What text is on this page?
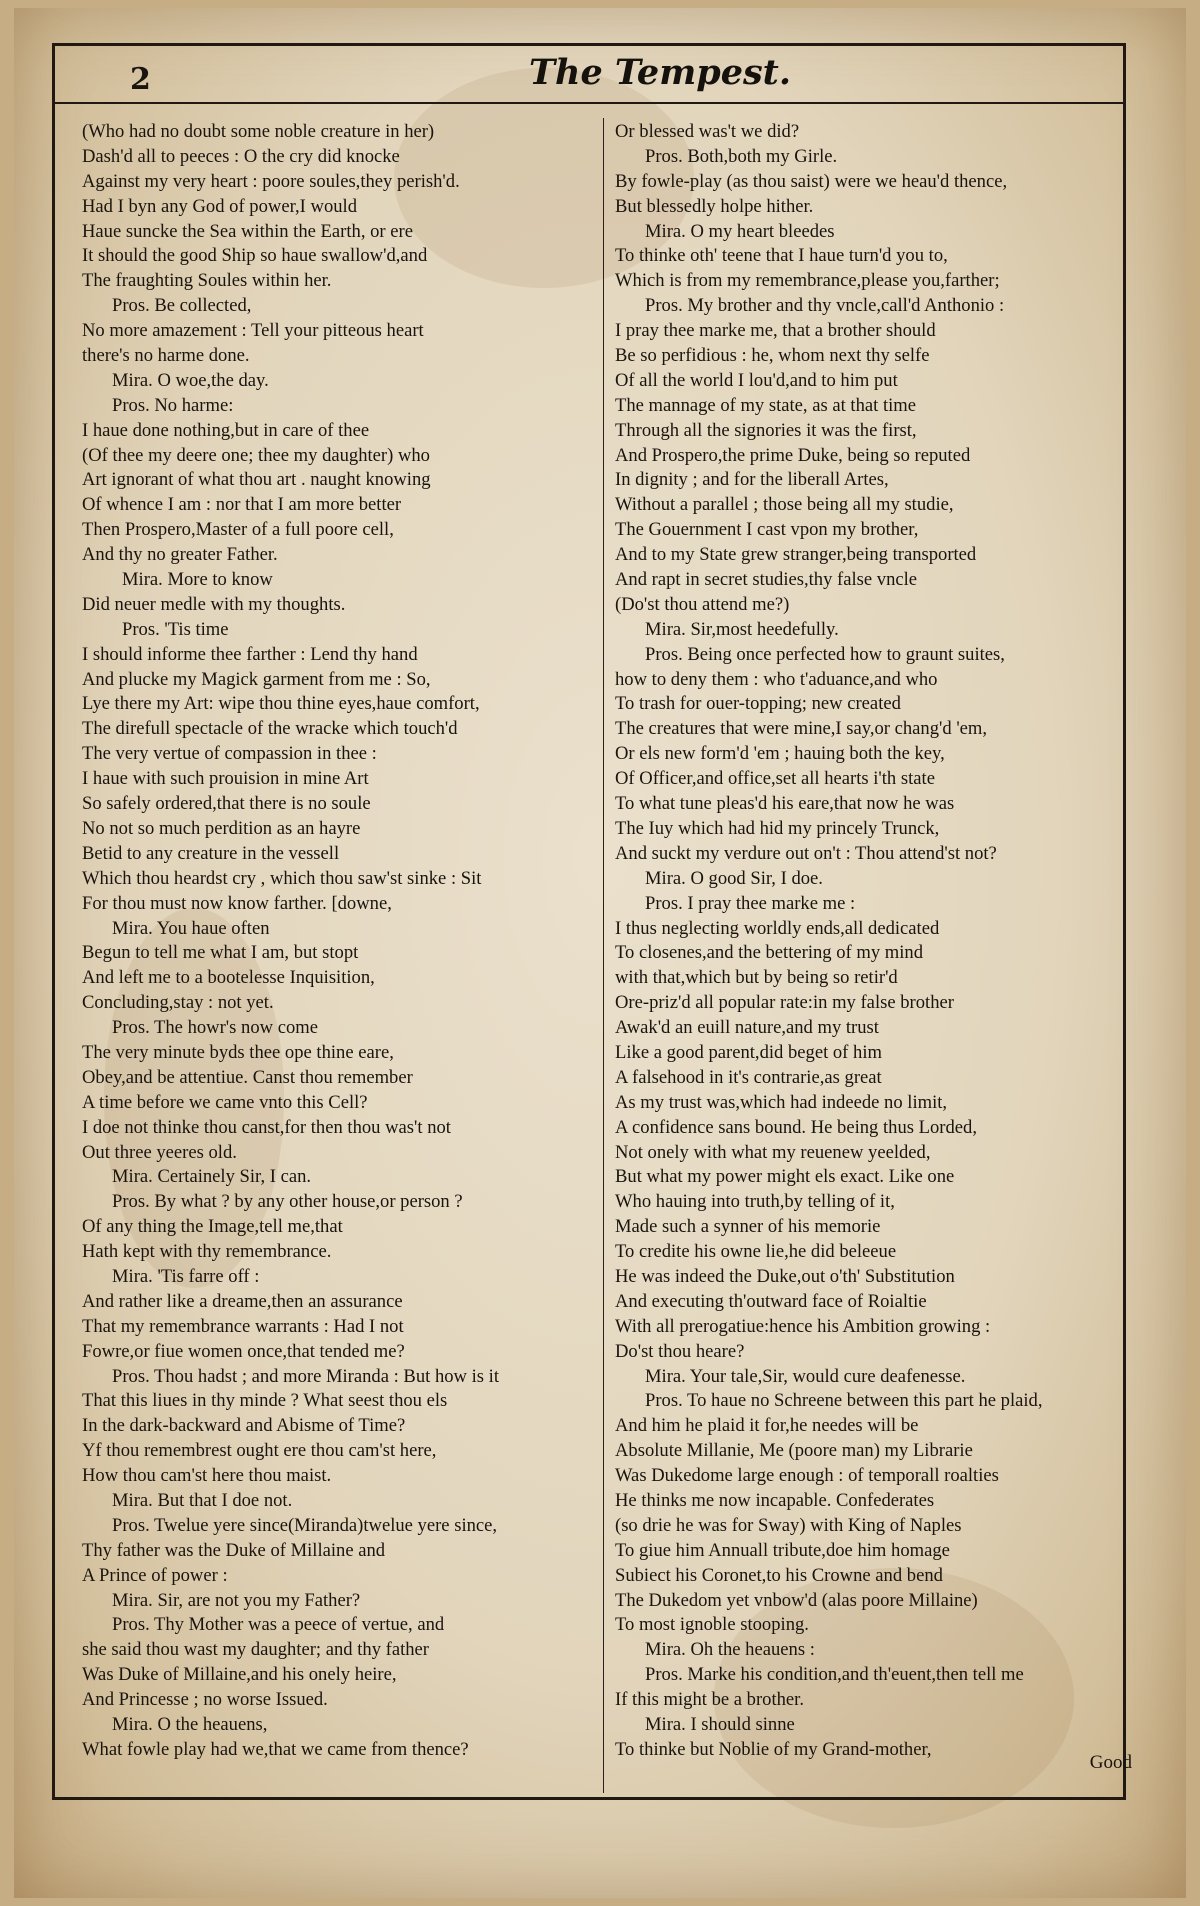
2	The Tempest.
(Who had no doubt some noble creature in her)
Dash'd all to peeces : O the cry did knocke
Against my very heart : poore soules,they perish'd.
Had I byn any God of power,I would
Haue suncke the Sea within the Earth, or ere
It should the good Ship so haue swallow'd,and
The fraughting Soules within her.
Pros. Be collected,
No more amazement : Tell your pitteous heart
there's no harme done.
Mira. O woe,the day.
Pros. No harme:
I haue done nothing,but in care of thee
(Of thee my deere one; thee my daughter) who
Art ignorant of what thou art . naught knowing
Of whence I am : nor that I am more better
Then Prospero,Master of a full poore cell,
And thy no greater Father.
Mira. More to know
Did neuer medle with my thoughts.
Pros. 'Tis time
I should informe thee farther : Lend thy hand
And plucke my Magick garment from me : So,
Lye there my Art: wipe thou thine eyes,haue comfort,
The direfull spectacle of the wracke which touch'd
The very vertue of compassion in thee :
I haue with such prouision in mine Art
So safely ordered,that there is no soule
No not so much perdition as an hayre
Betid to any creature in the vessell
Which thou heardst cry , which thou saw'st sinke : Sit
For thou must now know farther. [downe,
Mira. You haue often
Begun to tell me what I am, but stopt
And left me to a bootelesse Inquisition,
Concluding,stay : not yet.
Pros. The howr's now come
The very minute byds thee ope thine eare,
Obey,and be attentiue. Canst thou remember
A time before we came vnto this Cell?
I doe not thinke thou canst,for then thou was't not
Out three yeeres old.
Mira. Certainely Sir, I can.
Pros. By what ? by any other house,or person ?
Of any thing the Image,tell me,that
Hath kept with thy remembrance.
Mira. 'Tis farre off :
And rather like a dreame,then an assurance
That my remembrance warrants : Had I not
Fowre,or fiue women once,that tended me?
Pros. Thou hadst ; and more Miranda : But how is it
That this liues in thy minde ? What seest thou els
In the dark-backward and Abisme of Time?
Yf thou remembrest ought ere thou cam'st here,
How thou cam'st here thou maist.
Mira. But that I doe not.
Pros. Twelue yere since(Miranda)twelue yere since,
Thy father was the Duke of Millaine and
A Prince of power :
Mira. Sir, are not you my Father?
Pros. Thy Mother was a peece of vertue, and
she said thou wast my daughter; and thy father
Was Duke of Millaine,and his onely heire,
And Princesse ; no worse Issued.
Mira. O the heauens,
What fowle play had we,that we came from thence?
Or blessed was't we did?
Pros. Both,both my Girle.
By fowle-play (as thou saist) were we heau'd thence,
But blessedly holpe hither.
Mira. O my heart bleedes
To thinke oth' teene that I haue turn'd you to,
Which is from my remembrance,please you,farther;
Pros. My brother and thy vncle,call'd Anthonio :
I pray thee marke me, that a brother should
Be so perfidious : he, whom next thy selfe
Of all the world I lou'd,and to him put
The mannage of my state, as at that time
Through all the signories it was the first,
And Prospero,the prime Duke, being so reputed
In dignity ; and for the liberall Artes,
Without a parallel ; those being all my studie,
The Gouernment I cast vpon my brother,
And to my State grew stranger,being transported
And rapt in secret studies,thy false vncle
(Do'st thou attend me?)
Mira. Sir,most heedefully.
Pros. Being once perfected how to graunt suites,
how to deny them : who t'aduance,and who
To trash for ouer-topping; new created
The creatures that were mine,I say,or chang'd 'em,
Or els new form'd 'em ; hauing both the key,
Of Officer,and office,set all hearts i'th state
To what tune pleas'd his eare,that now he was
The Iuy which had hid my princely Trunck,
And suckt my verdure out on't : Thou attend'st not?
Mira. O good Sir, I doe.
Pros. I pray thee marke me :
I thus neglecting worldly ends,all dedicated
To closenes,and the bettering of my mind
with that,which but by being so retir'd
Ore-priz'd all popular rate:in my false brother
Awak'd an euill nature,and my trust
Like a good parent,did beget of him
A falsehood in it's contrarie,as great
As my trust was,which had indeede no limit,
A confidence sans bound. He being thus Lorded,
Not onely with what my reuenew yeelded,
But what my power might els exact. Like one
Who hauing into truth,by telling of it,
Made such a synner of his memorie
To credite his owne lie,he did beleeue
He was indeed the Duke,out o'th' Substitution
And executing th'outward face of Roialtie
With all prerogatiue:hence his Ambition growing :
Do'st thou heare?
Mira. Your tale,Sir, would cure deafenesse.
Pros. To haue no Schreene between this part he plaid,
And him he plaid it for,he needes will be
Absolute Millanie, Me (poore man) my Librarie
Was Dukedome large enough : of temporall roalties
He thinks me now incapable. Confederates
(so drie he was for Sway) with King of Naples
To giue him Annuall tribute,doe him homage
Subiect his Coronet,to his Crowne and bend
The Dukedom yet vnbow'd (alas poore Millaine)
To most ignoble stooping.
Mira. Oh the heauens :
Pros. Marke his condition,and th'euent,then tell me
If this might be a brother.
Mira. I should sinne
To thinke but Noblie of my Grand-mother,
Good
